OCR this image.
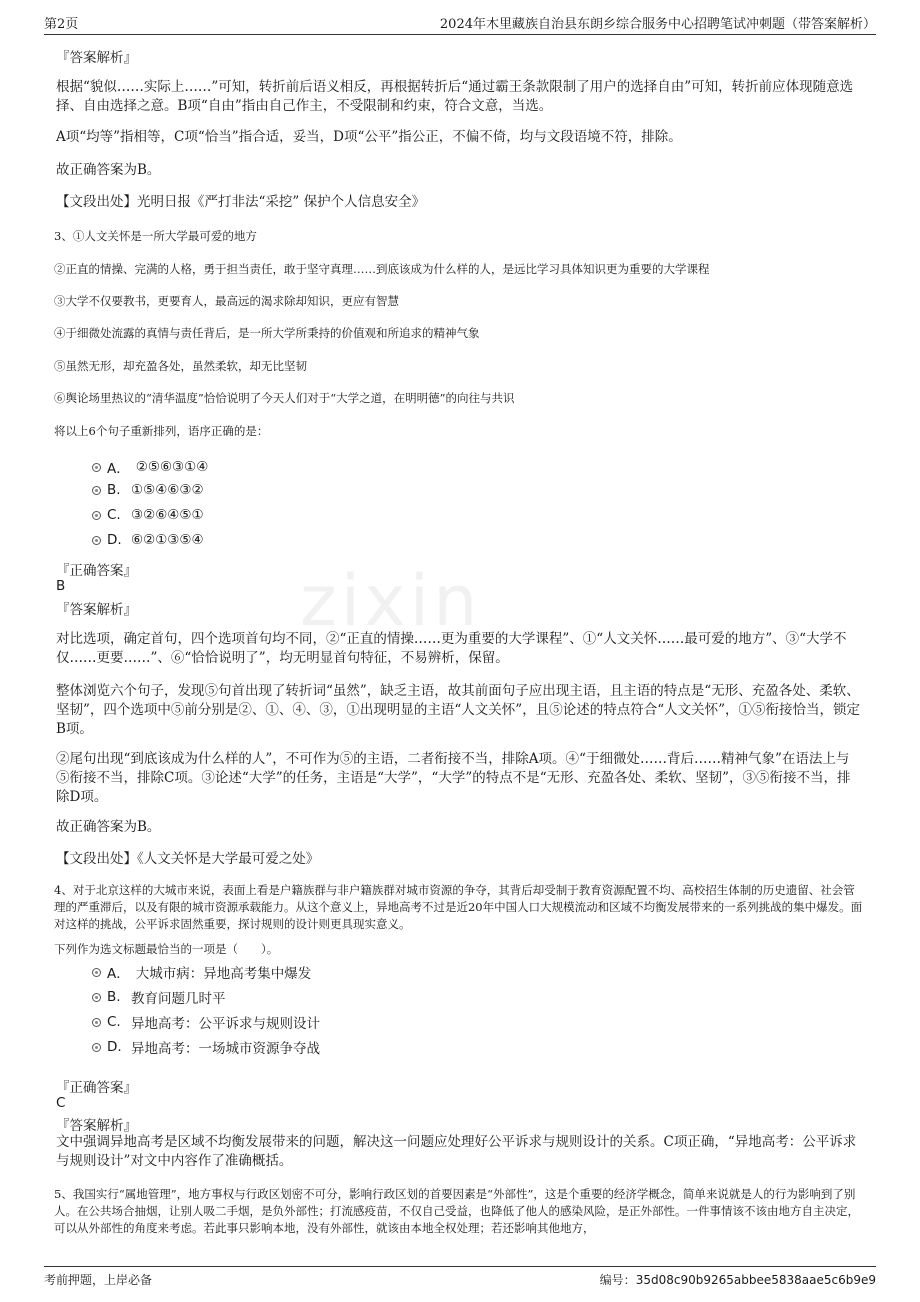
zixin
第2页	2024年木里藏族自治县东朗乡综合服务中心招聘笔试冲刺题（带答案解析）
『答案解析』

根据“貌似……实际上……”可知，转折前后语义相反，再根据转折后“通过霸王条款限制了用户的选择自由”可知，转折前应体现随意选择、自由选择之意。B项“自由”指由自己作主，不受限制和约束，符合文意，当选。

A项“均等”指相等，C项“恰当”指合适，妥当，D项“公平”指公正，不偏不倚，均与文段语境不符，排除。

故正确答案为B。

【文段出处】光明日报《严打非法“采挖” 保护个人信息安全》

3、①人文关怀是一所大学最可爱的地方

②正直的情操、完满的人格，勇于担当责任，敢于坚守真理……到底该成为什么样的人，是远比学习具体知识更为重要的大学课程

③大学不仅要教书，更要育人，最高远的渴求除却知识，更应有智慧

④于细微处流露的真情与责任背后，是一所大学所秉持的价值观和所追求的精神气象

⑤虽然无形，却充盈各处，虽然柔软，却无比坚韧

⑥舆论场里热议的“清华温度”恰恰说明了今天人们对于“大学之道，在明明德”的向往与共识

将以上6个句子重新排列，语序正确的是：

A． ②⑤⑥③①④
B. ①⑤④⑥③②
C. ③②⑥④⑤①
D. ⑥②①③⑤④
『正确答案』
B
『答案解析』

对比选项，确定首句，四个选项首句均不同，②“正直的情操……更为重要的大学课程”、①“人文关怀……最可爱的地方”、③“大学不仅……更要……”、⑥“恰恰说明了”，均无明显首句特征，不易辨析，保留。

整体浏览六个句子，发现⑤句首出现了转折词“虽然”，缺乏主语，故其前面句子应出现主语，且主语的特点是“无形、充盈各处、柔软、坚韧”，四个选项中⑤前分别是②、①、④、③，①出现明显的主语“人文关怀”，且⑤论述的特点符合“人文关怀”，①⑤衔接恰当，锁定B项。

②尾句出现“到底该成为什么样的人”，不可作为⑤的主语，二者衔接不当，排除A项。④“于细微处……背后……精神气象”在语法上与⑤衔接不当，排除C项。③论述“大学”的任务，主语是“大学”，“大学”的特点不是“无形、充盈各处、柔软、坚韧”，③⑤衔接不当，排除D项。

故正确答案为B。

【文段出处】《人文关怀是大学最可爱之处》

4、对于北京这样的大城市来说，表面上看是户籍族群与非户籍族群对城市资源的争夺，其背后却受制于教育资源配置不均、高校招生体制的历史遗留、社会管理的严重滞后，以及有限的城市资源承载能力。从这个意义上，异地高考不过是近20年中国人口大规模流动和区域不均衡发展带来的一系列挑战的集中爆发。面对这样的挑战，公平诉求固然重要，探讨规则的设计则更具现实意义。

下列作为选文标题最恰当的一项是（　　）。

A． 大城市病：异地高考集中爆发
B. 教育问题几时平
C. 异地高考：公平诉求与规则设计
D. 异地高考：一场城市资源争夺战
『正确答案』
C
『答案解析』

文中强调异地高考是区域不均衡发展带来的问题，解决这一问题应处理好公平诉求与规则设计的关系。C项正确，“异地高考：公平诉求与规则设计”对文中内容作了准确概括。

5、我国实行“属地管理”，地方事权与行政区划密不可分，影响行政区划的首要因素是“外部性”，这是个重要的经济学概念，简单来说就是人的行为影响到了别人。在公共场合抽烟，让别人吸二手烟，是负外部性；打流感疫苗，不仅自己受益，也降低了他人的感染风险，是正外部性。一件事情该不该由地方自主决定，可以从外部性的角度来考虑。若此事只影响本地，没有外部性，就该由本地全权处理；若还影响其他地方，

考前押题，上岸必备	编号：35d08c90b9265abbee5838aae5c6b9e9
